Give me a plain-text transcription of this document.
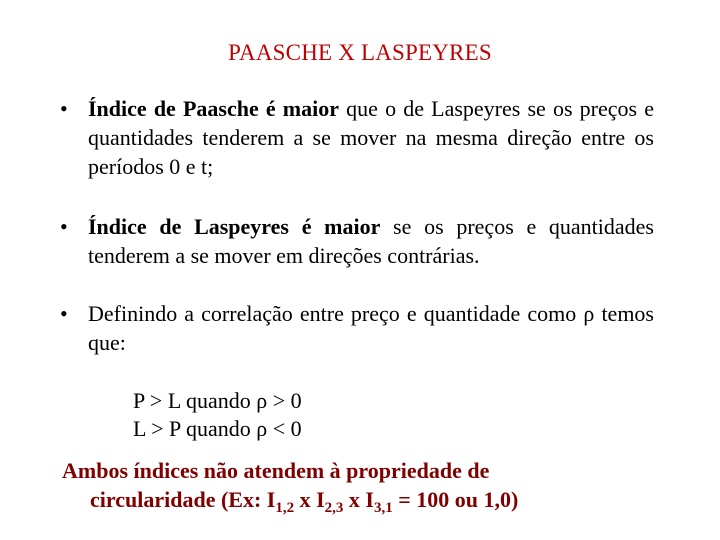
PAASCHE X LASPEYRES
• Índice de Paasche é maior que o de Laspeyres se os preços e quantidades tenderem a se mover na mesma direção entre os períodos 0 e t;
• Índice de Laspeyres é maior se os preços e quantidades tenderem a se mover em direções contrárias.
• Definindo a correlação entre preço e quantidade como ρ temos que:
P > L quando ρ > 0
L > P quando ρ < 0
Ambos índices não atendem à propriedade de
circularidade (Ex: $I_{1,2}$ x $I_{2,3}$ x $I_{3,1} = 100$ ou 1,0)
